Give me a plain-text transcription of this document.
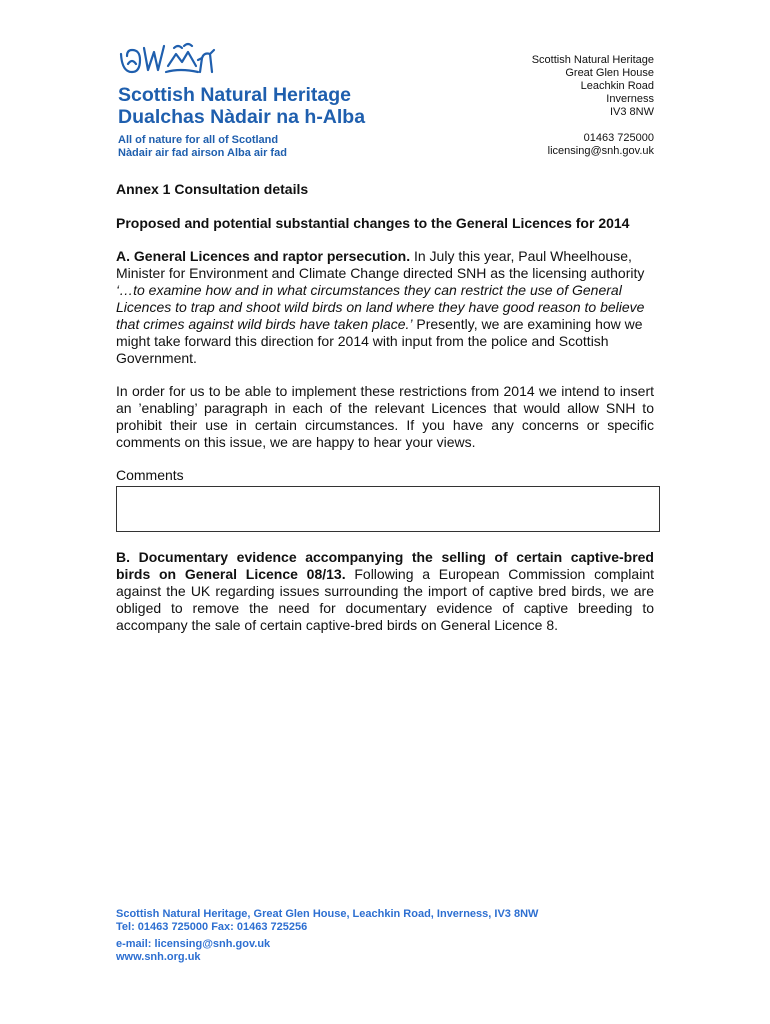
Scottish Natural Heritage
Dualchas Nàdair na h-Alba
All of nature for all of Scotland
Nàdair air fad airson Alba air fad
Scottish Natural Heritage
Great Glen House
Leachkin Road
Inverness
IV3 8NW
01463 725000
licensing@snh.gov.uk
Annex 1 Consultation details
Proposed and potential substantial changes to the General Licences for 2014

A. General Licences and raptor persecution. In July this year, Paul Wheelhouse, Minister for Environment and Climate Change directed SNH as the licensing authority ‘…to examine how and in what circumstances they can restrict the use of General Licences to trap and shoot wild birds on land where they have good reason to believe that crimes against wild birds have taken place.’ Presently, we are examining how we might take forward this direction for 2014 with input from the police and Scottish Government.

In order for us to be able to implement these restrictions from 2014 we intend to insert an ’enabling’ paragraph in each of the relevant Licences that would allow SNH to prohibit their use in certain circumstances. If you have any concerns or specific comments on this issue, we are happy to hear your views.

Comments

B. Documentary evidence accompanying the selling of certain captive-bred birds on General Licence 08/13. Following a European Commission complaint against the UK regarding issues surrounding the import of captive bred birds, we are obliged to remove the need for documentary evidence of captive breeding to accompany the sale of certain captive-bred birds on General Licence 8.

Scottish Natural Heritage, Great Glen House, Leachkin Road, Inverness, IV3 8NW
Tel: 01463 725000 Fax: 01463 725256
e-mail: licensing@snh.gov.uk
www.snh.org.uk
